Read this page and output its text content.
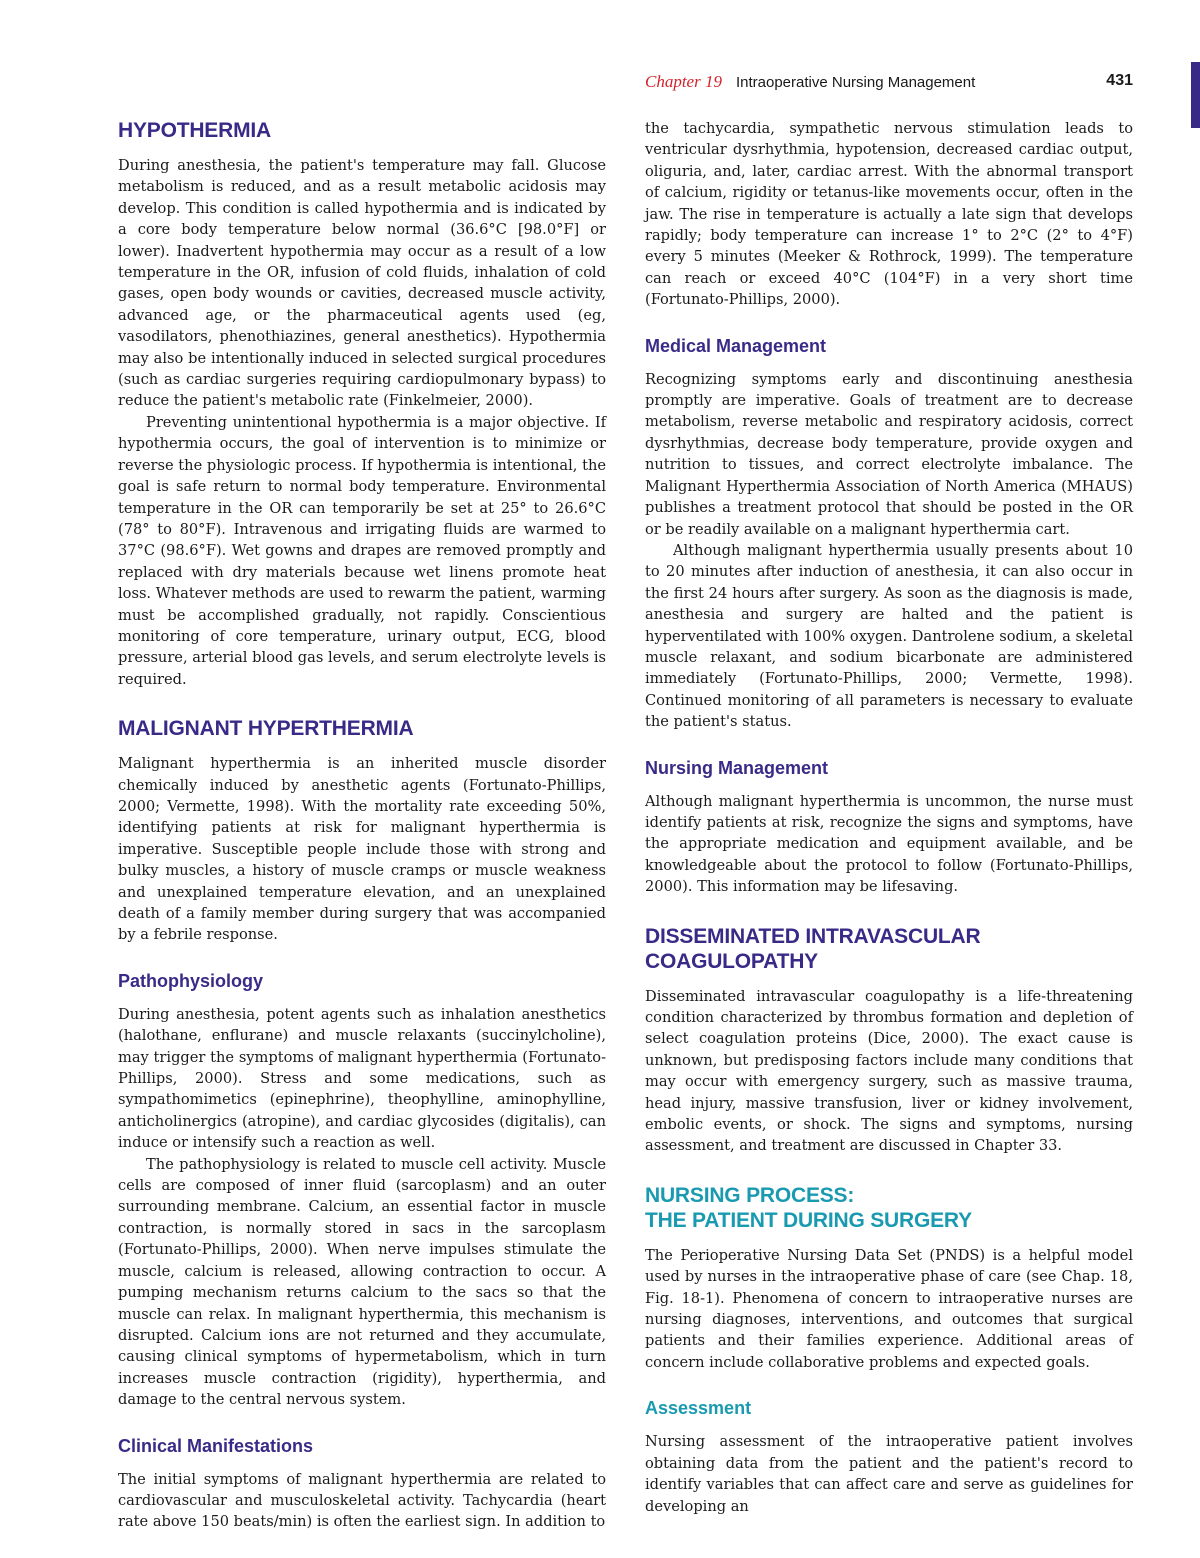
Chapter 19 Intraoperative Nursing Management	431
HYPOTHERMIA

During anesthesia, the patient's temperature may fall. Glucose metabolism is reduced, and as a result metabolic acidosis may develop. This condition is called hypothermia and is indicated by a core body temperature below normal (36.6°C [98.0°F] or lower). Inadvertent hypothermia may occur as a result of a low temperature in the OR, infusion of cold fluids, inhalation of cold gases, open body wounds or cavities, decreased muscle activity, advanced age, or the pharmaceutical agents used (eg, vasodilators, phenothiazines, general anesthetics). Hypothermia may also be intentionally induced in selected surgical procedures (such as cardiac surgeries requiring cardiopulmonary bypass) to reduce the patient's metabolic rate (Finkelmeier, 2000).

Preventing unintentional hypothermia is a major objective. If hypothermia occurs, the goal of intervention is to minimize or reverse the physiologic process. If hypothermia is intentional, the goal is safe return to normal body temperature. Environmental temperature in the OR can temporarily be set at 25° to 26.6°C (78° to 80°F). Intravenous and irrigating fluids are warmed to 37°C (98.6°F). Wet gowns and drapes are removed promptly and replaced with dry materials because wet linens promote heat loss. Whatever methods are used to rewarm the patient, warming must be accomplished gradually, not rapidly. Conscientious monitoring of core temperature, urinary output, ECG, blood pressure, arterial blood gas levels, and serum electrolyte levels is required.

MALIGNANT HYPERTHERMIA

Malignant hyperthermia is an inherited muscle disorder chemically induced by anesthetic agents (Fortunato-Phillips, 2000; Vermette, 1998). With the mortality rate exceeding 50%, identifying patients at risk for malignant hyperthermia is imperative. Susceptible people include those with strong and bulky muscles, a history of muscle cramps or muscle weakness and unexplained temperature elevation, and an unexplained death of a family member during surgery that was accompanied by a febrile response.

Pathophysiology

During anesthesia, potent agents such as inhalation anesthetics (halothane, enflurane) and muscle relaxants (succinylcholine), may trigger the symptoms of malignant hyperthermia (Fortunato-Phillips, 2000). Stress and some medications, such as sympathomimetics (epinephrine), theophylline, aminophylline, anticholinergics (atropine), and cardiac glycosides (digitalis), can induce or intensify such a reaction as well.

The pathophysiology is related to muscle cell activity. Muscle cells are composed of inner fluid (sarcoplasm) and an outer surrounding membrane. Calcium, an essential factor in muscle contraction, is normally stored in sacs in the sarcoplasm (Fortunato-Phillips, 2000). When nerve impulses stimulate the muscle, calcium is released, allowing contraction to occur. A pumping mechanism returns calcium to the sacs so that the muscle can relax. In malignant hyperthermia, this mechanism is disrupted. Calcium ions are not returned and they accumulate, causing clinical symptoms of hypermetabolism, which in turn increases muscle contraction (rigidity), hyperthermia, and damage to the central nervous system.

Clinical Manifestations

The initial symptoms of malignant hyperthermia are related to cardiovascular and musculoskeletal activity. Tachycardia (heart rate above 150 beats/min) is often the earliest sign. In addition to

the tachycardia, sympathetic nervous stimulation leads to ventricular dysrhythmia, hypotension, decreased cardiac output, oliguria, and, later, cardiac arrest. With the abnormal transport of calcium, rigidity or tetanus-like movements occur, often in the jaw. The rise in temperature is actually a late sign that develops rapidly; body temperature can increase 1° to 2°C (2° to 4°F) every 5 minutes (Meeker & Rothrock, 1999). The temperature can reach or exceed 40°C (104°F) in a very short time (Fortunato-Phillips, 2000).

Medical Management

Recognizing symptoms early and discontinuing anesthesia promptly are imperative. Goals of treatment are to decrease metabolism, reverse metabolic and respiratory acidosis, correct dysrhythmias, decrease body temperature, provide oxygen and nutrition to tissues, and correct electrolyte imbalance. The Malignant Hyperthermia Association of North America (MHAUS) publishes a treatment protocol that should be posted in the OR or be readily available on a malignant hyperthermia cart.

Although malignant hyperthermia usually presents about 10 to 20 minutes after induction of anesthesia, it can also occur in the first 24 hours after surgery. As soon as the diagnosis is made, anesthesia and surgery are halted and the patient is hyperventilated with 100% oxygen. Dantrolene sodium, a skeletal muscle relaxant, and sodium bicarbonate are administered immediately (Fortunato-Phillips, 2000; Vermette, 1998). Continued monitoring of all parameters is necessary to evaluate the patient's status.

Nursing Management

Although malignant hyperthermia is uncommon, the nurse must identify patients at risk, recognize the signs and symptoms, have the appropriate medication and equipment available, and be knowledgeable about the protocol to follow (Fortunato-Phillips, 2000). This information may be lifesaving.

DISSEMINATED INTRAVASCULAR
COAGULOPATHY

Disseminated intravascular coagulopathy is a life-threatening condition characterized by thrombus formation and depletion of select coagulation proteins (Dice, 2000). The exact cause is unknown, but predisposing factors include many conditions that may occur with emergency surgery, such as massive trauma, head injury, massive transfusion, liver or kidney involvement, embolic events, or shock. The signs and symptoms, nursing assessment, and treatment are discussed in Chapter 33.

NURSING PROCESS:
THE PATIENT DURING SURGERY

The Perioperative Nursing Data Set (PNDS) is a helpful model used by nurses in the intraoperative phase of care (see Chap. 18, Fig. 18-1). Phenomena of concern to intraoperative nurses are nursing diagnoses, interventions, and outcomes that surgical patients and their families experience. Additional areas of concern include collaborative problems and expected goals.

Assessment

Nursing assessment of the intraoperative patient involves obtaining data from the patient and the patient's record to identify variables that can affect care and serve as guidelines for developing an
